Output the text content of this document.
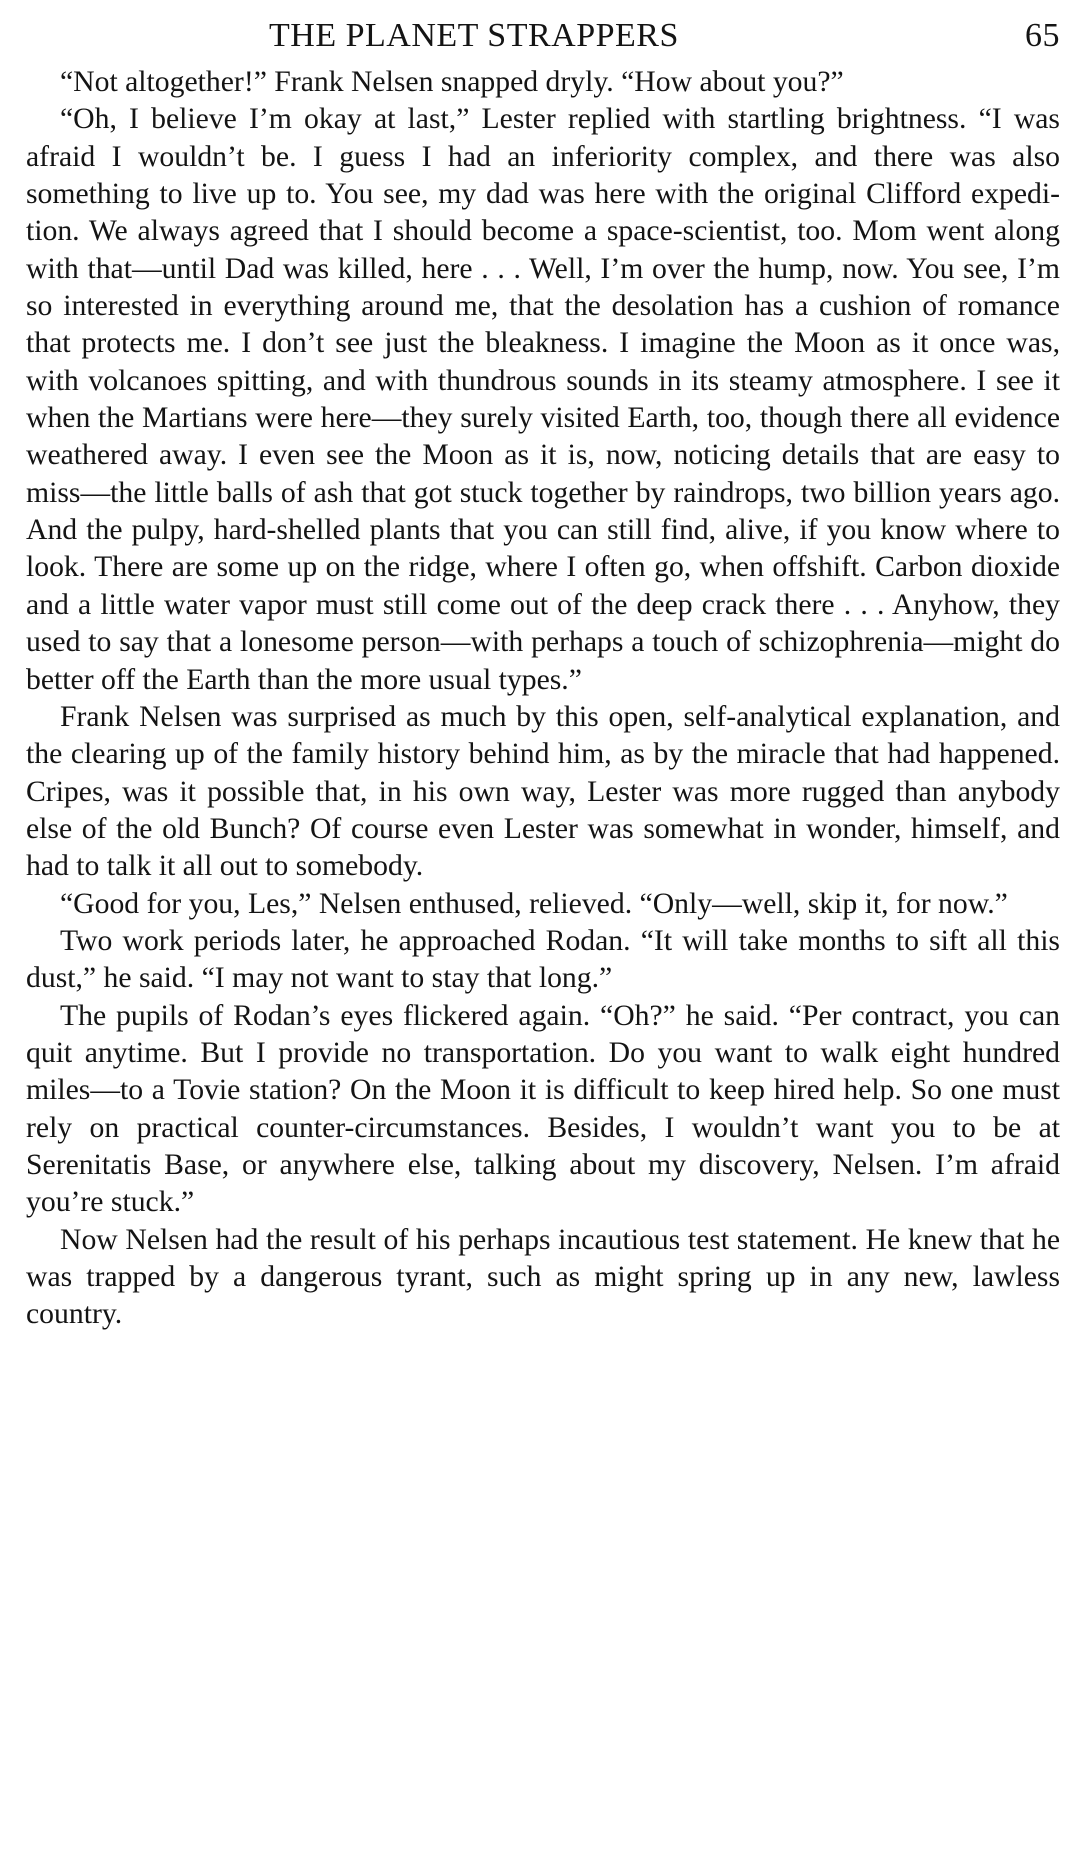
THE PLANET STRAPPERS	65

“Not altogether!” Frank Nelsen snapped dryly. “How about you?”

“Oh, I believe I’m okay at last,” Lester replied with startling brightness. “I was afraid I wouldn’t be. I guess I had an inferiority complex, and there was also something to live up to. You see, my dad was here with the original Clifford expedition. We always agreed that I should become a space-scientist, too. Mom went along with that—until Dad was killed, here . . . Well, I’m over the hump, now. You see, I’m so interested in everything around me, that the desolation has a cushion of romance that protects me. I don’t see just the bleakness. I imagine the Moon as it once was, with volcanoes spitting, and with thundrous sounds in its steamy atmosphere. I see it when the Martians were here—they surely visited Earth, too, though there all evidence weathered away. I even see the Moon as it is, now, noticing details that are easy to miss—the little balls of ash that got stuck together by raindrops, two billion years ago. And the pulpy, hard-shelled plants that you can still find, alive, if you know where to look. There are some up on the ridge, where I often go, when offshift. Carbon dioxide and a little water vapor must still come out of the deep crack there . . . Anyhow, they used to say that a lonesome person—with perhaps a touch of schizophrenia—might do better off the Earth than the more usual types.”

Frank Nelsen was surprised as much by this open, self-analytical explanation, and the clearing up of the family history behind him, as by the miracle that had happened. Cripes, was it possible that, in his own way, Lester was more rugged than anybody else of the old Bunch? Of course even Lester was somewhat in wonder, himself, and had to talk it all out to somebody.

“Good for you, Les,” Nelsen enthused, relieved. “Only—well, skip it, for now.”

Two work periods later, he approached Rodan. “It will take months to sift all this dust,” he said. “I may not want to stay that long.”

The pupils of Rodan’s eyes flickered again. “Oh?” he said. “Per contract, you can quit anytime. But I provide no transportation. Do you want to walk eight hundred miles—to a Tovie station? On the Moon it is difficult to keep hired help. So one must rely on practical counter-circumstances. Besides, I wouldn’t want you to be at Serenitatis Base, or anywhere else, talking about my discovery, Nelsen. I’m afraid you’re stuck.”

Now Nelsen had the result of his perhaps incautious test statement. He knew that he was trapped by a dangerous tyrant, such as might spring up in any new, lawless country.
